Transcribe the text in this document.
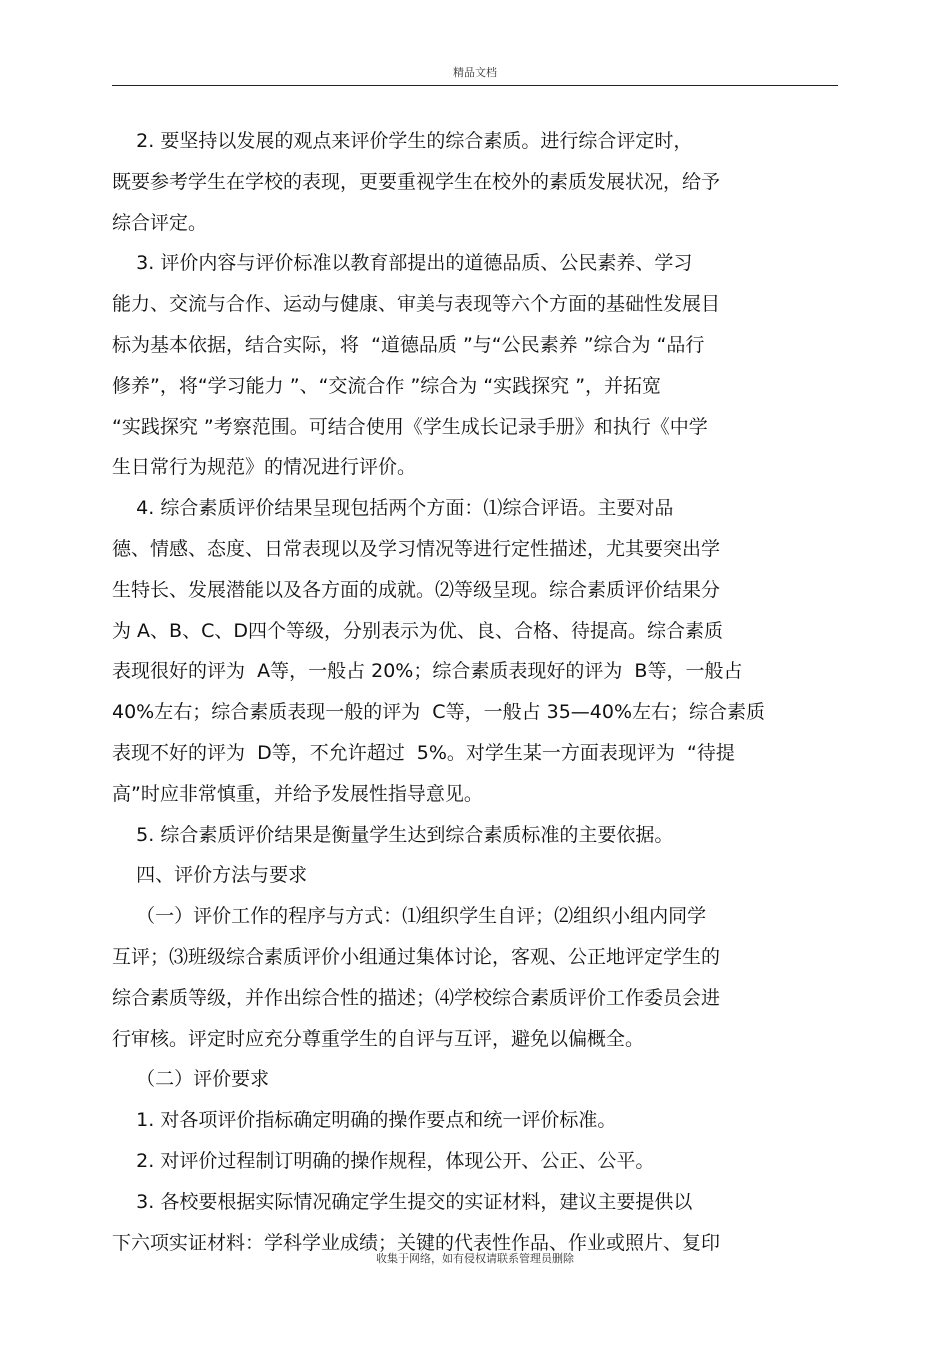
精品文档
2. 要坚持以发展的观点来评价学生的综合素质。进行综合评定时，
既要参考学生在学校的表现，更要重视学生在校外的素质发展状况，给予
综合评定。
3. 评价内容与评价标准以教育部提出的道德品质、公民素养、学习
能力、交流与合作、运动与健康、审美与表现等六个方面的基础性发展目
标为基本依据，结合实际，将  “道德品质 ”与“公民素养 ”综合为 “品行
修养”，将“学习能力 ”、“交流合作 ”综合为 “实践探究 ”，并拓宽
“实践探究 ”考察范围。可结合使用《学生成长记录手册》和执行《中学
生日常行为规范》的情况进行评价。
4. 综合素质评价结果呈现包括两个方面：⑴综合评语。主要对品
德、情感、态度、日常表现以及学习情况等进行定性描述，尤其要突出学
生特长、发展潜能以及各方面的成就。⑵等级呈现。综合素质评价结果分
为 A、B、C、D四个等级，分别表示为优、良、合格、待提高。综合素质
表现很好的评为  A等，一般占 20%；综合素质表现好的评为  B等，一般占
40%左右；综合素质表现一般的评为  C等，一般占 35—40%左右；综合素质
表现不好的评为  D等，不允许超过  5%。对学生某一方面表现评为  “待提
高”时应非常慎重，并给予发展性指导意见。
5. 综合素质评价结果是衡量学生达到综合素质标准的主要依据。
四、评价方法与要求
（一）评价工作的程序与方式：⑴组织学生自评；⑵组织小组内同学
互评；⑶班级综合素质评价小组通过集体讨论，客观、公正地评定学生的
综合素质等级，并作出综合性的描述；⑷学校综合素质评价工作委员会进
行审核。评定时应充分尊重学生的自评与互评，避免以偏概全。
（二）评价要求
1. 对各项评价指标确定明确的操作要点和统一评价标准。
2. 对评价过程制订明确的操作规程，体现公开、公正、公平。
3. 各校要根据实际情况确定学生提交的实证材料，建议主要提供以
下六项实证材料：学科学业成绩；关键的代表性作品、作业或照片、复印
收集于网络，如有侵权请联系管理员删除
